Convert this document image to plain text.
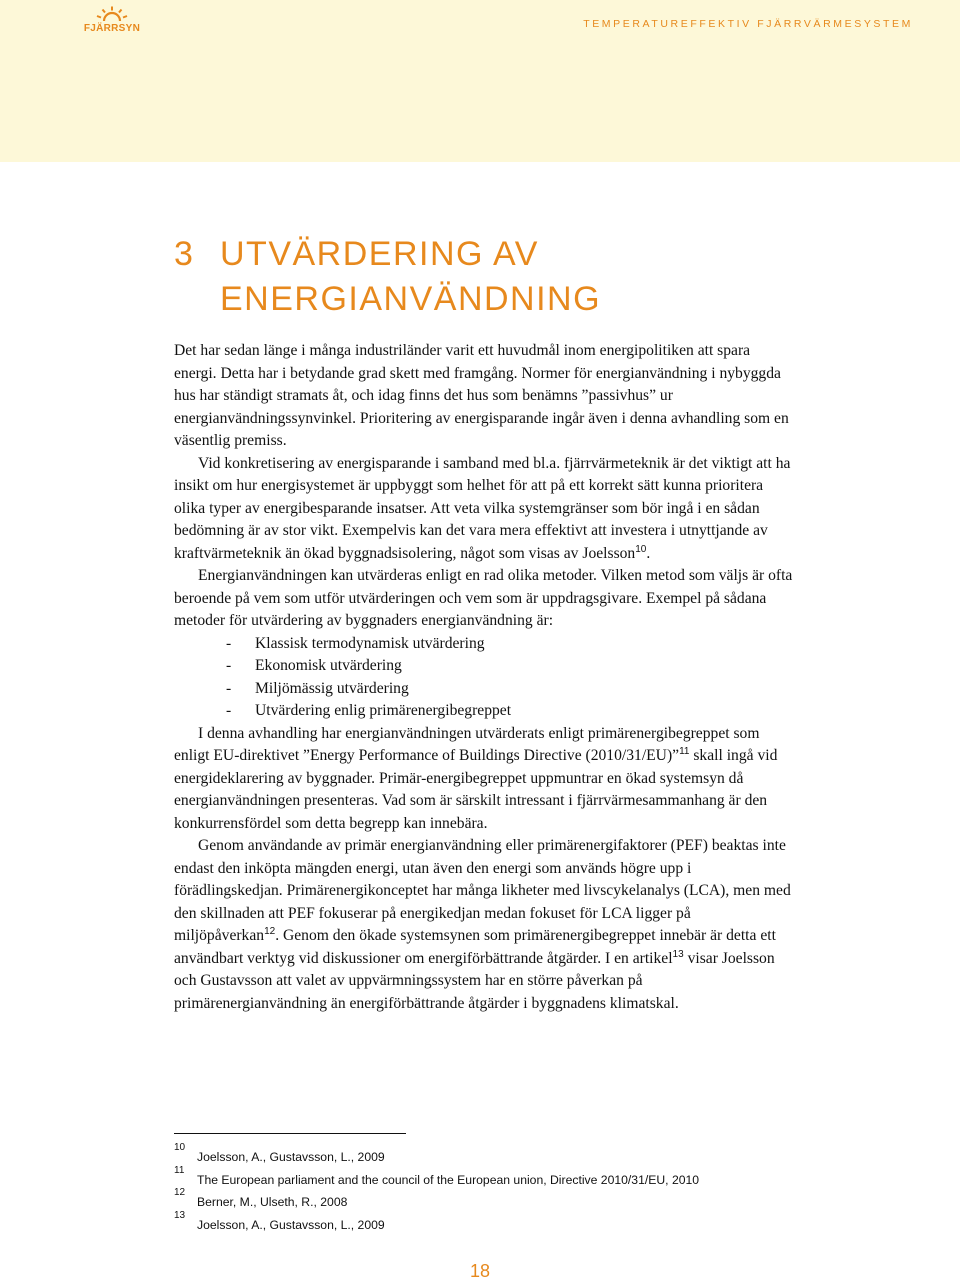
FJÄRRSYN	TEMPERATUREFFEKTIV FJÄRRVÄRMESYSTEM
3 UTVÄRDERING AV
ENERGIANVÄNDNING

Det har sedan länge i många industriländer varit ett huvudmål inom energipolitiken att spara energi. Detta har i betydande grad skett med framgång. Normer för energianvändning i nybyggda hus har ständigt stramats åt, och idag finns det hus som benämns ”passivhus” ur energianvändningssynvinkel. Prioritering av energisparande ingår även i denna avhandling som en väsentlig premiss.

Vid konkretisering av energisparande i samband med bl.a. fjärrvärmeteknik är det viktigt att ha insikt om hur energisystemet är uppbyggt som helhet för att på ett korrekt sätt kunna prioritera olika typer av energibesparande insatser. Att veta vilka systemgränser som bör ingå i en sådan bedömning är av stor vikt. Exempelvis kan det vara mera effektivt att investera i utnyttjande av kraftvärmeteknik än ökad byggnadsisolering, något som visas av Joelsson$^{10}$.

Energianvändningen kan utvärderas enligt en rad olika metoder. Vilken metod som väljs är ofta beroende på vem som utför utvärderingen och vem som är uppdragsgivare. Exempel på sådana metoder för utvärdering av byggnaders energianvändning är:

- Klassisk termodynamisk utvärdering
- Ekonomisk utvärdering
- Miljömässig utvärdering
- Utvärdering enlig primärenergibegreppet

I denna avhandling har energianvändningen utvärderats enligt primärenergibegreppet som enligt EU-direktivet ”Energy Performance of Buildings Directive (2010/31/EU)”$^{11}$ skall ingå vid energideklarering av byggnader. Primär-energibegreppet uppmuntrar en ökad systemsyn då energianvändningen presenteras. Vad som är särskilt intressant i fjärrvärmesammanhang är den konkurrensfördel som detta begrepp kan innebära.

Genom användande av primär energianvändning eller primärenergifaktorer (PEF) beaktas inte endast den inköpta mängden energi, utan även den energi som används högre upp i förädlingskedjan. Primärenergikonceptet har många likheter med livscykelanalys (LCA), men med den skillnaden att PEF fokuserar på energikedjan medan fokuset för LCA ligger på miljöpåverkan$^{12}$. Genom den ökade systemsynen som primärenergibegreppet innebär är detta ett användbart verktyg vid diskussioner om energiförbättrande åtgärder. I en artikel$^{13}$ visar Joelsson och Gustavsson att valet av uppvärmningssystem har en större påverkan på primärenergianvändning än energiförbättrande åtgärder i byggnadens klimatskal.

10
Joelsson, A., Gustavsson, L., 2009
11
The European parliament and the council of the European union, Directive 2010/31/EU, 2010
12
Berner, M., Ulseth, R., 2008
13
Joelsson, A., Gustavsson, L., 2009
18
